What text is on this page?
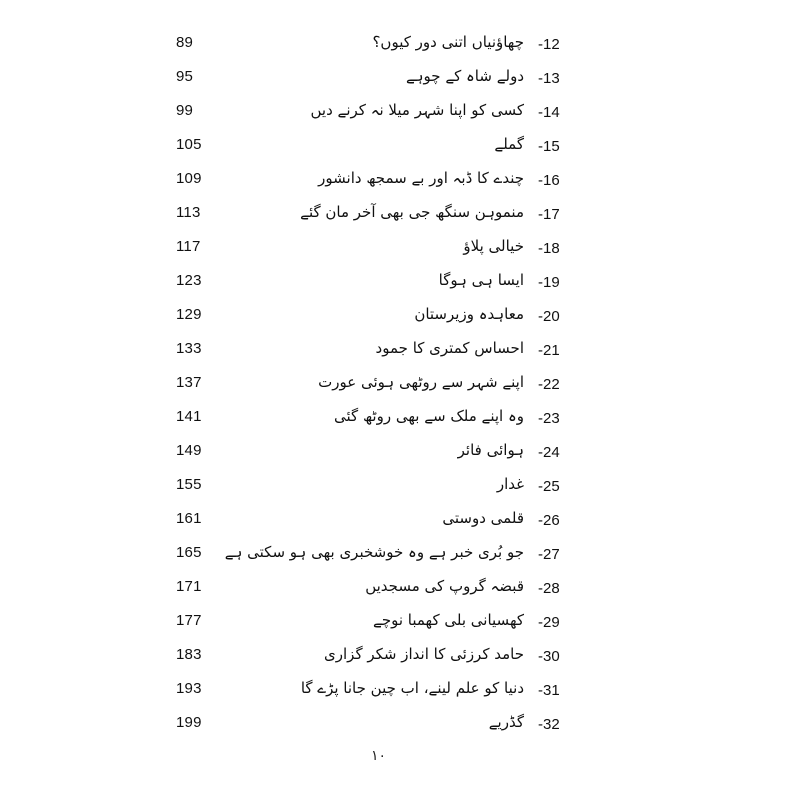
89	چھاؤنیاں اتنی دور کیوں؟ -12
95	دولے شاہ کے چوہے -13
99	کسی کو اپنا شہر میلا نہ کرنے دیں -14
105	گملے -15
109	چندے کا ڈبہ اور بے سمجھ دانشور -16
113	منموہن سنگھ جی بھی آخر مان گئے -17
117	خیالی پلاؤ -18
123	ایسا ہی ہوگا -19
129	معاہدہ وزیرستان -20
133	احساس کمتری کا جمود -21
137	اپنے شہر سے روٹھی ہوئی عورت -22
141	وہ اپنے ملک سے بھی روٹھ گئی -23
149	ہوائی فائر -24
155	غدار -25
161	قلمی دوستی -26
165 جو بُری خبر ہے وہ خوشخبری بھی ہو سکتی ہے -27
171	قبضہ گروپ کی مسجدیں -28
177	کھسیانی بلی کھمبا نوچے -29
183	حامد کرزئی کا انداز شکر گزاری -30
193	دنیا کو علم لینے، اب چین جانا پڑے گا -31
199	گڈریے -32
١٠
